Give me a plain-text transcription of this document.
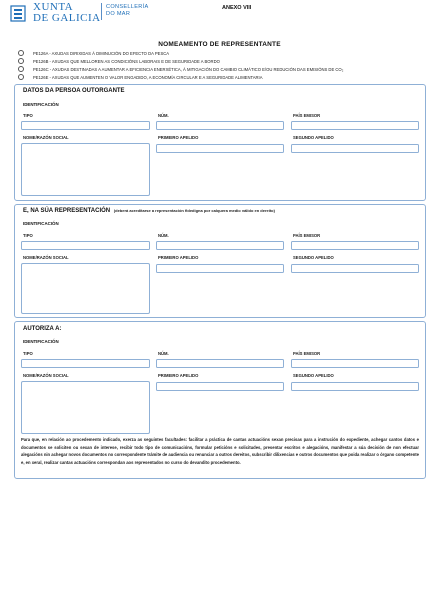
XUNTA
DE GALICIA
CONSELLERÍA
DO MAR
ANEXO VIII
NOMEAMENTO DE REPRESENTANTE
PE126A - AXUDAS DIRIXIDAS Á DIMINUCIÓN DO EFECTO DA PESCA
PE126B - AXUDAS QUE MELLOREN AS CONDICIÓNS LABORAIS E DE SEGURIDADE A BORDO
PE126C - AXUDAS DESTINADAS A AUMENTAR A EFICIENCIA ENERXÉTICA, Á MITIGACIÓN DO CAMBIO CLIMÁTICO E/OU REDUCIÓN DAS EMISIÓNS DE CO₂
PE126E - AXUDAS QUE AUMENTEN O VALOR ENGADIDO, A ECONOMÍA CIRCULAR E A SEGURIDADE ALIMENTARIA
DATOS DA PERSOA OUTORGANTE
IDENTIFICACIÓN
TIPO	NÚM.	PAÍS EMISOR
NOME/RAZÓN SOCIAL	PRIMEIRO APELIDO	SEGUNDO APELIDO
E, NA SÚA REPRESENTACIÓN (deberá acreditarse a representación fidedigna por calquera medio válido en dereito)
IDENTIFICACIÓN
TIPO	NÚM.	PAÍS EMISOR
NOME/RAZÓN SOCIAL	PRIMEIRO APELIDO	SEGUNDO APELIDO
AUTORIZA A:
IDENTIFICACIÓN
TIPO	NÚM.	PAÍS EMISOR
NOME/RAZÓN SOCIAL	PRIMEIRO APELIDO	SEGUNDO APELIDO
Para que, en relación ao procedemento indicado, exerza as seguintes facultades: facilitar a práctica de cantas actuacións sexan precisas para a instrución do expediente, achegar cantos datos e documentos se soliciten ou sexan de interese, recibir todo tipo de comunicacións, formular peticións e solicitudes, presentar escritos e alegacións, manifestar a súa decisión de non efectuar alegacións nin achegar novos documentos no correspondente trámite de audiencia ou renunciar a outros dereitos, subscribir dilixencias e outros documentos que poida realizar o órgano competente e, en xeral, realizar cantas actuacións correspondan aos representados no curso do devandito procedemento.
